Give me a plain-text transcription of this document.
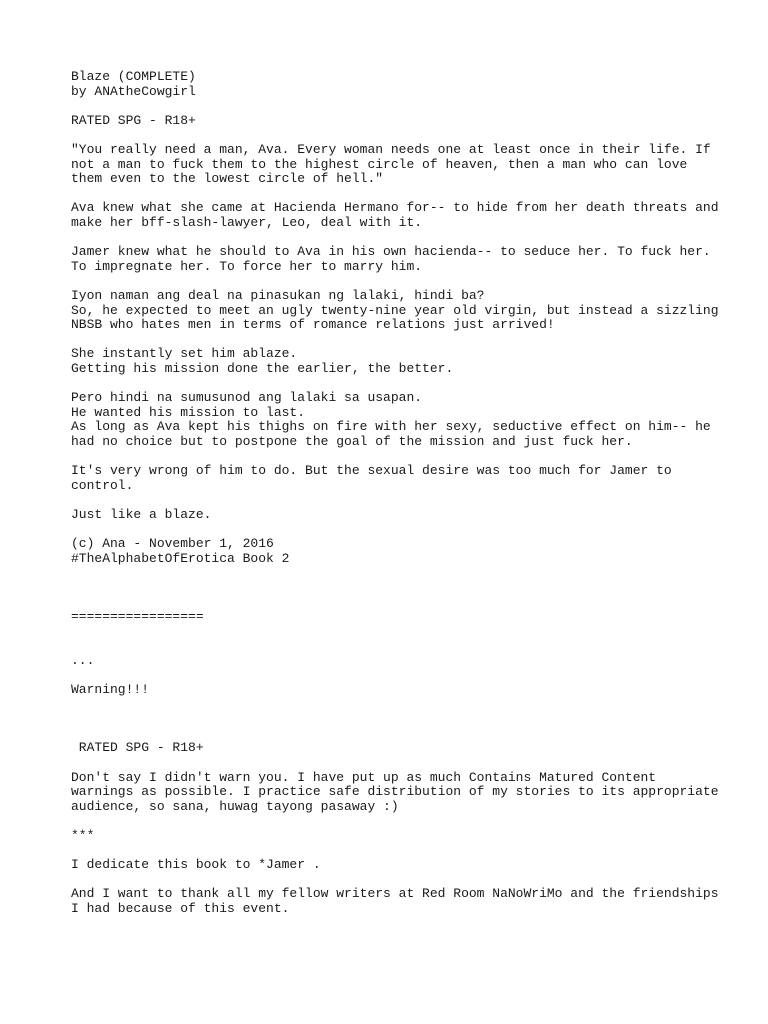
Blaze (COMPLETE)
by ANAtheCowgirl
RATED SPG - R18+
"You really need a man, Ava. Every woman needs one at least once in their life. If
not a man to fuck them to the highest circle of heaven, then a man who can love
them even to the lowest circle of hell."
Ava knew what she came at Hacienda Hermano for-- to hide from her death threats and
make her bff-slash-lawyer, Leo, deal with it.
Jamer knew what he should to Ava in his own hacienda-- to seduce her. To fuck her.
To impregnate her. To force her to marry him.
Iyon naman ang deal na pinasukan ng lalaki, hindi ba?
So, he expected to meet an ugly twenty-nine year old virgin, but instead a sizzling
NBSB who hates men in terms of romance relations just arrived!
She instantly set him ablaze.
Getting his mission done the earlier, the better.
Pero hindi na sumusunod ang lalaki sa usapan.
He wanted his mission to last.
As long as Ava kept his thighs on fire with her sexy, seductive effect on him-- he
had no choice but to postpone the goal of the mission and just fuck her.
It's very wrong of him to do. But the sexual desire was too much for Jamer to
control.
Just like a blaze.
(c) Ana - November 1, 2016
#TheAlphabetOfErotica Book 2
=================
...
Warning!!!
RATED SPG - R18+
Don't say I didn't warn you. I have put up as much Contains Matured Content
warnings as possible. I practice safe distribution of my stories to its appropriate
audience, so sana, huwag tayong pasaway :)
***
I dedicate this book to *Jamer .
And I want to thank all my fellow writers at Red Room NaNoWriMo and the friendships
I had because of this event.
